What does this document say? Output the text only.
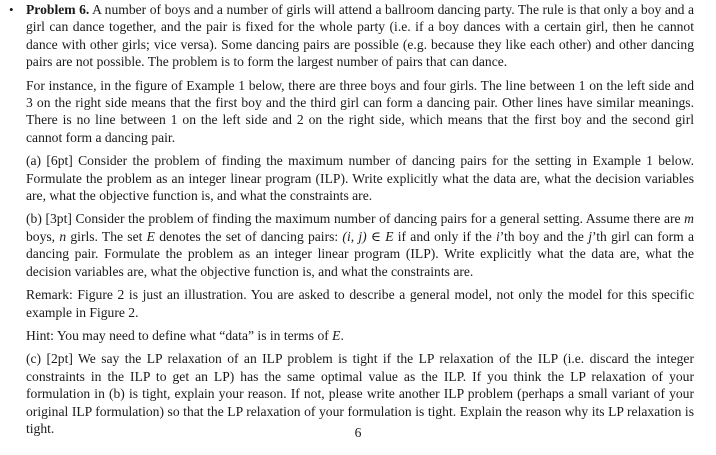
• Problem 6. A number of boys and a number of girls will attend a ballroom dancing party. The rule is that only a boy and a girl can dance together, and the pair is fixed for the whole party (i.e. if a boy dances with a certain girl, then he cannot dance with other girls; vice versa). Some dancing pairs are possible (e.g. because they like each other) and other dancing pairs are not possible. The problem is to form the largest number of pairs that can dance.

For instance, in the figure of Example 1 below, there are three boys and four girls. The line between 1 on the left side and 3 on the right side means that the first boy and the third girl can form a dancing pair. Other lines have similar meanings. There is no line between 1 on the left side and 2 on the right side, which means that the first boy and the second girl cannot form a dancing pair.

(a) [6pt] Consider the problem of finding the maximum number of dancing pairs for the setting in Example 1 below. Formulate the problem as an integer linear program (ILP). Write explicitly what the data are, what the decision variables are, what the objective function is, and what the constraints are.

(b) [3pt] Consider the problem of finding the maximum number of dancing pairs for a general setting. Assume there are m boys, n girls. The set E denotes the set of dancing pairs: (i, j) ∈ E if and only if the i’th boy and the j’th girl can form a dancing pair. Formulate the problem as an integer linear program (ILP). Write explicitly what the data are, what the decision variables are, what the objective function is, and what the constraints are.

Remark: Figure 2 is just an illustration. You are asked to describe a general model, not only the model for this specific example in Figure 2.

Hint: You may need to define what “data” is in terms of E.

(c) [2pt] We say the LP relaxation of an ILP problem is tight if the LP relaxation of the ILP (i.e. discard the integer constraints in the ILP to get an LP) has the same optimal value as the ILP. If you think the LP relaxation of your formulation in (b) is tight, explain your reason. If not, please write another ILP problem (perhaps a small variant of your original ILP formulation) so that the LP relaxation of your formulation is tight. Explain the reason why its LP relaxation is tight.	6
